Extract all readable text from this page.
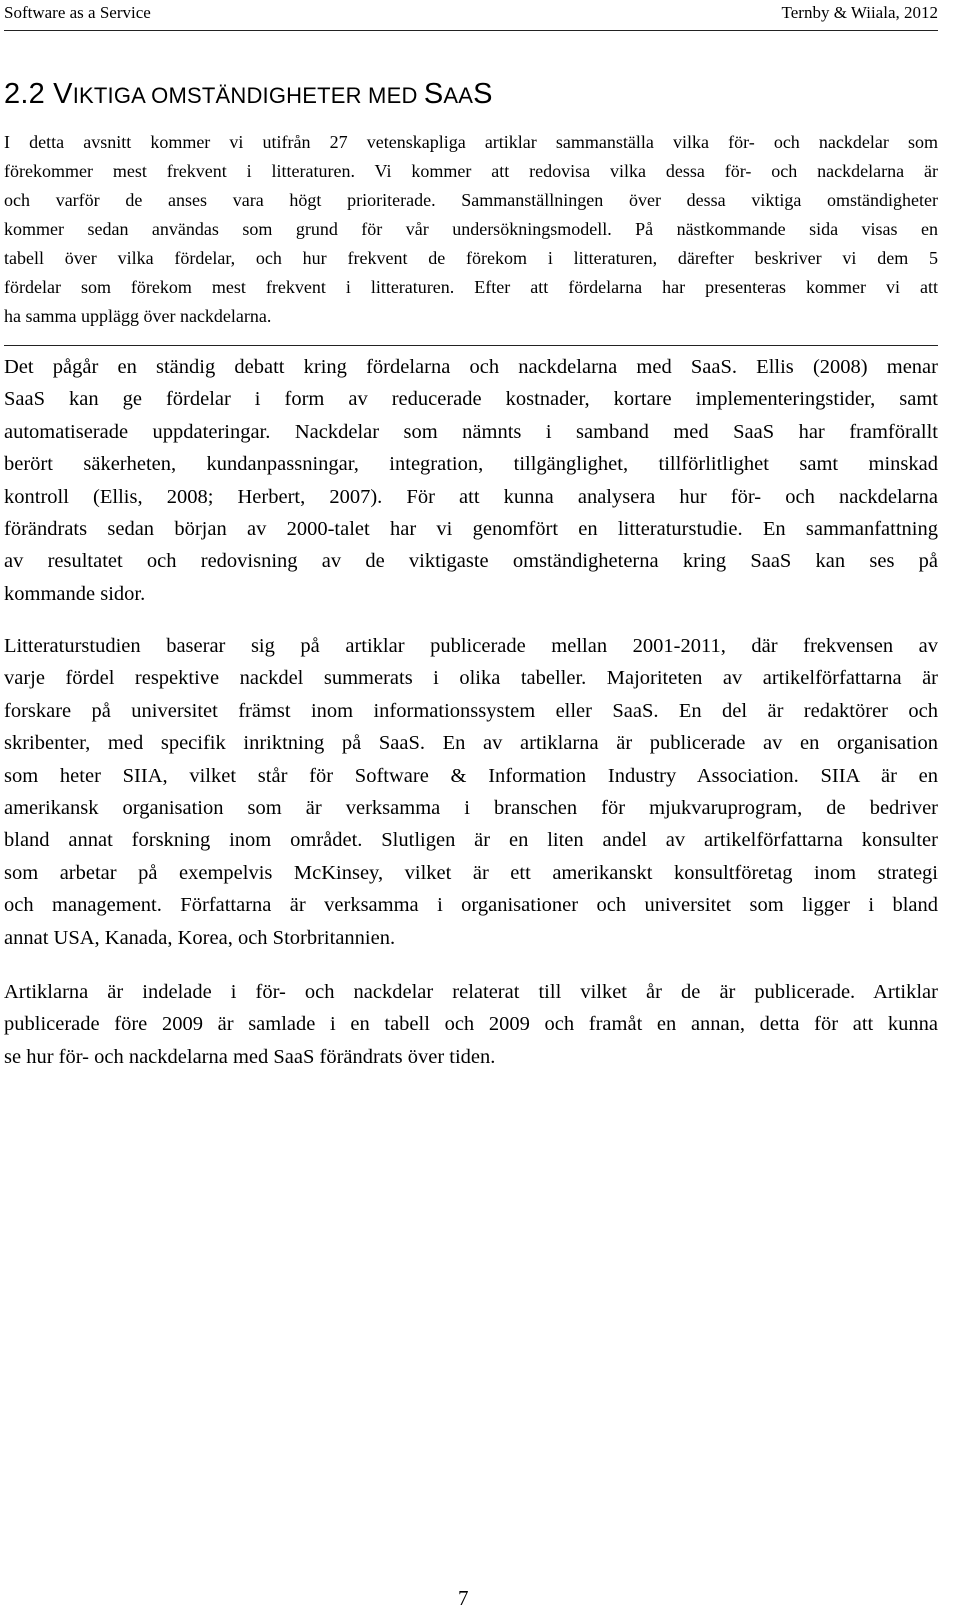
Software as a Service	Ternby & Wiiala, 2012
2.2 VIKTIGA OMSTÄNDIGHETER MED SAAS
I detta avsnitt kommer vi utifrån 27 vetenskapliga artiklar sammanställa vilka för- och nackdelar som
förekommer mest frekvent i litteraturen. Vi kommer att redovisa vilka dessa för- och nackdelarna är
och varför de anses vara högt prioriterade. Sammanställningen över dessa viktiga omständigheter
kommer sedan användas som grund för vår undersökningsmodell. På nästkommande sida visas en
tabell över vilka fördelar, och hur frekvent de förekom i litteraturen, därefter beskriver vi dem 5
fördelar som förekom mest frekvent i litteraturen. Efter att fördelarna har presenteras kommer vi att
ha samma upplägg över nackdelarna.
Det pågår en ständig debatt kring fördelarna och nackdelarna med SaaS. Ellis (2008) menar
SaaS kan ge fördelar i form av reducerade kostnader, kortare implementeringstider, samt
automatiserade uppdateringar. Nackdelar som nämnts i samband med SaaS har framförallt
berört säkerheten, kundanpassningar, integration, tillgänglighet, tillförlitlighet samt minskad
kontroll (Ellis, 2008; Herbert, 2007). För att kunna analysera hur för- och nackdelarna
förändrats sedan början av 2000-talet har vi genomfört en litteraturstudie. En sammanfattning
av resultatet och redovisning av de viktigaste omständigheterna kring SaaS kan ses på
kommande sidor.
Litteraturstudien baserar sig på artiklar publicerade mellan 2001-2011, där frekvensen av
varje fördel respektive nackdel summerats i olika tabeller. Majoriteten av artikelförfattarna är
forskare på universitet främst inom informationssystem eller SaaS. En del är redaktörer och
skribenter, med specifik inriktning på SaaS. En av artiklarna är publicerade av en organisation
som heter SIIA, vilket står för Software & Information Industry Association. SIIA är en
amerikansk organisation som är verksamma i branschen för mjukvaruprogram, de bedriver
bland annat forskning inom området. Slutligen är en liten andel av artikelförfattarna konsulter
som arbetar på exempelvis McKinsey, vilket är ett amerikanskt konsultföretag inom strategi
och management. Författarna är verksamma i organisationer och universitet som ligger i bland
annat USA, Kanada, Korea, och Storbritannien.
Artiklarna är indelade i för- och nackdelar relaterat till vilket år de är publicerade. Artiklar
publicerade före 2009 är samlade i en tabell och 2009 och framåt en annan, detta för att kunna
se hur för- och nackdelarna med SaaS förändrats över tiden.
7
